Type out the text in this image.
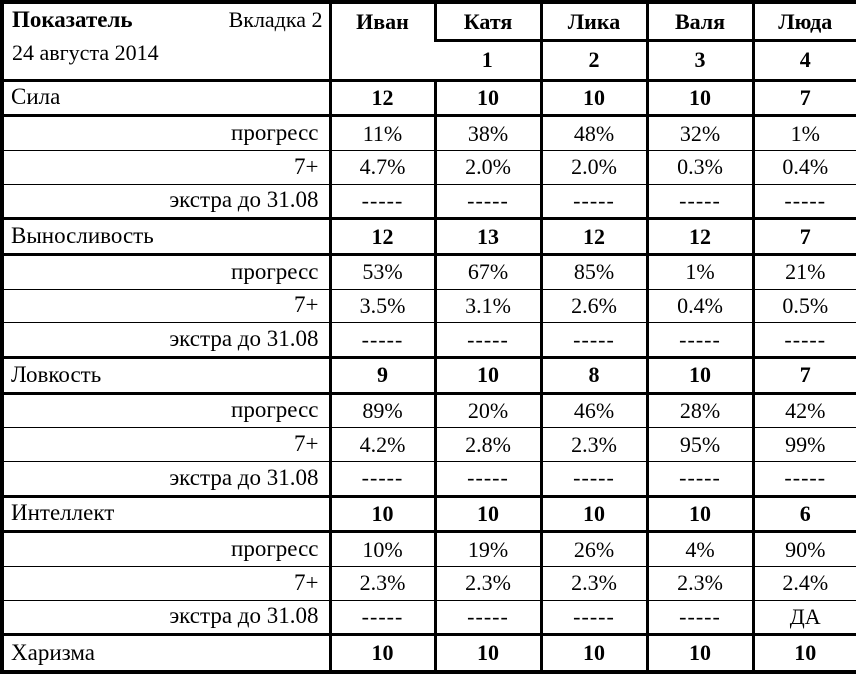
Показатель Вкладка 2
24 августа 2014	Иван	Катя	Лика	Валя	Люда
		1	2	3	4
Сила	12	10	10	10	7
прогресс	11%	38%	48%	32%	1%
7+	4.7%	2.0%	2.0%	0.3%	0.4%
экстра до 31.08	-----	-----	-----	-----	-----
Выносливость	12	13	12	12	7
прогресс	53%	67%	85%	1%	21%
7+	3.5%	3.1%	2.6%	0.4%	0.5%
экстра до 31.08	-----	-----	-----	-----	-----
Ловкость	9	10	8	10	7
прогресс	89%	20%	46%	28%	42%
7+	4.2%	2.8%	2.3%	95%	99%
экстра до 31.08	-----	-----	-----	-----	-----
Интеллект	10	10	10	10	6
прогресс	10%	19%	26%	4%	90%
7+	2.3%	2.3%	2.3%	2.3%	2.4%
экстра до 31.08	-----	-----	-----	-----	ДА
Харизма	10	10	10	10	10
